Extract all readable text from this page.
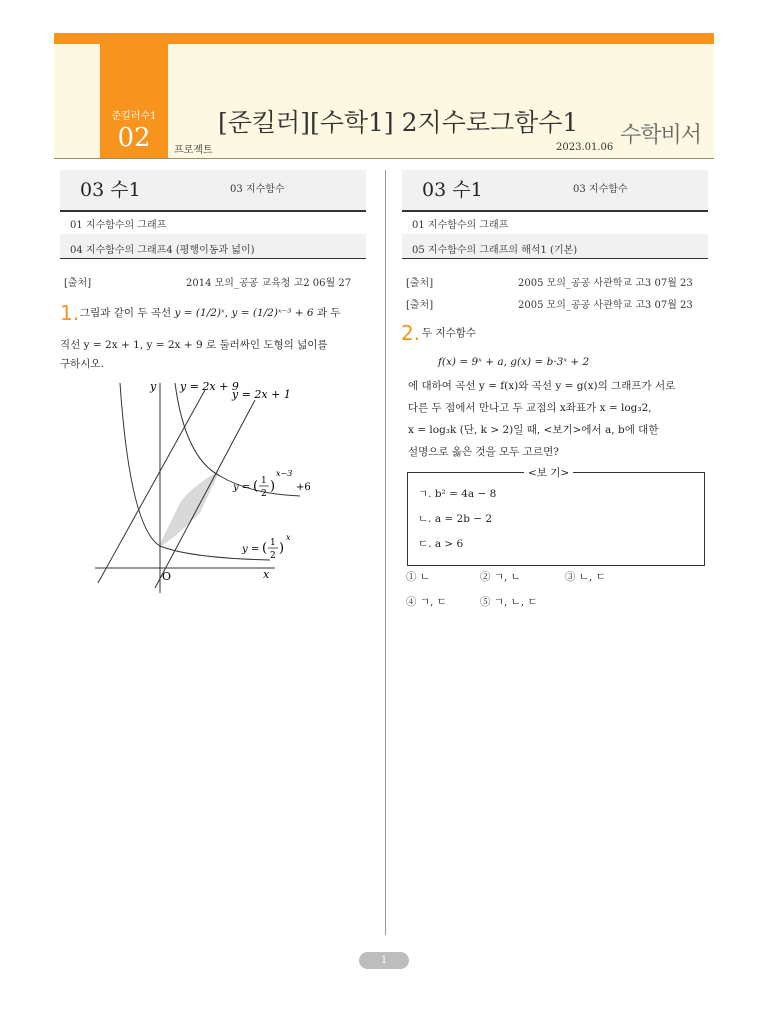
준킬러수1
02
[준킬러][수학1] 2지수로그함수1
프로젝트	2023.01.06 수학비서
03 수1	03 지수함수
01 지수함수의 그래프
04 지수함수의 그래프4 (평행이동과 넓이)
[출처]	2014 모의_공공 교육청 고2 06월 27
1. 그림과 같이 두 곡선 y = (1/2)ˣ, y = (1/2)ˣ⁻³ + 6 과 두
직선 y = 2x + 1, y = 2x + 9 로 둘러싸인 도형의 넓이를
구하시오.
y
x
O
y = 2x + 9
y = 2x + 1
y = ( 1
2 )
x−3
+6
y = ( 1
2 )
x
03 수1	03 지수함수
01 지수함수의 그래프
05 지수함수의 그래프의 해석1 (기본)
[출처]	2005 모의_공공 사관학교 고3 07월 23
[출처]	2005 모의_공공 사관학교 고3 07월 23
2. 두 지수함수
f(x) = 9ˣ + a, g(x) = b·3ˣ + 2
에 대하여 곡선 y = f(x)와 곡선 y = g(x)의 그래프가 서로
다른 두 점에서 만나고 두 교점의 x좌표가 x = log₃2,
x = log₃k (단, k > 2)일 때, <보기>에서 a, b에 대한
설명으로 옳은 것을 모두 고르면?
<보 기>
ㄱ. b² = 4a − 8
ㄴ. a = 2b − 2
ㄷ. a > 6
① ㄴ	② ㄱ, ㄴ	③ ㄴ, ㄷ
④ ㄱ, ㄷ	⑤ ㄱ, ㄴ, ㄷ
1
